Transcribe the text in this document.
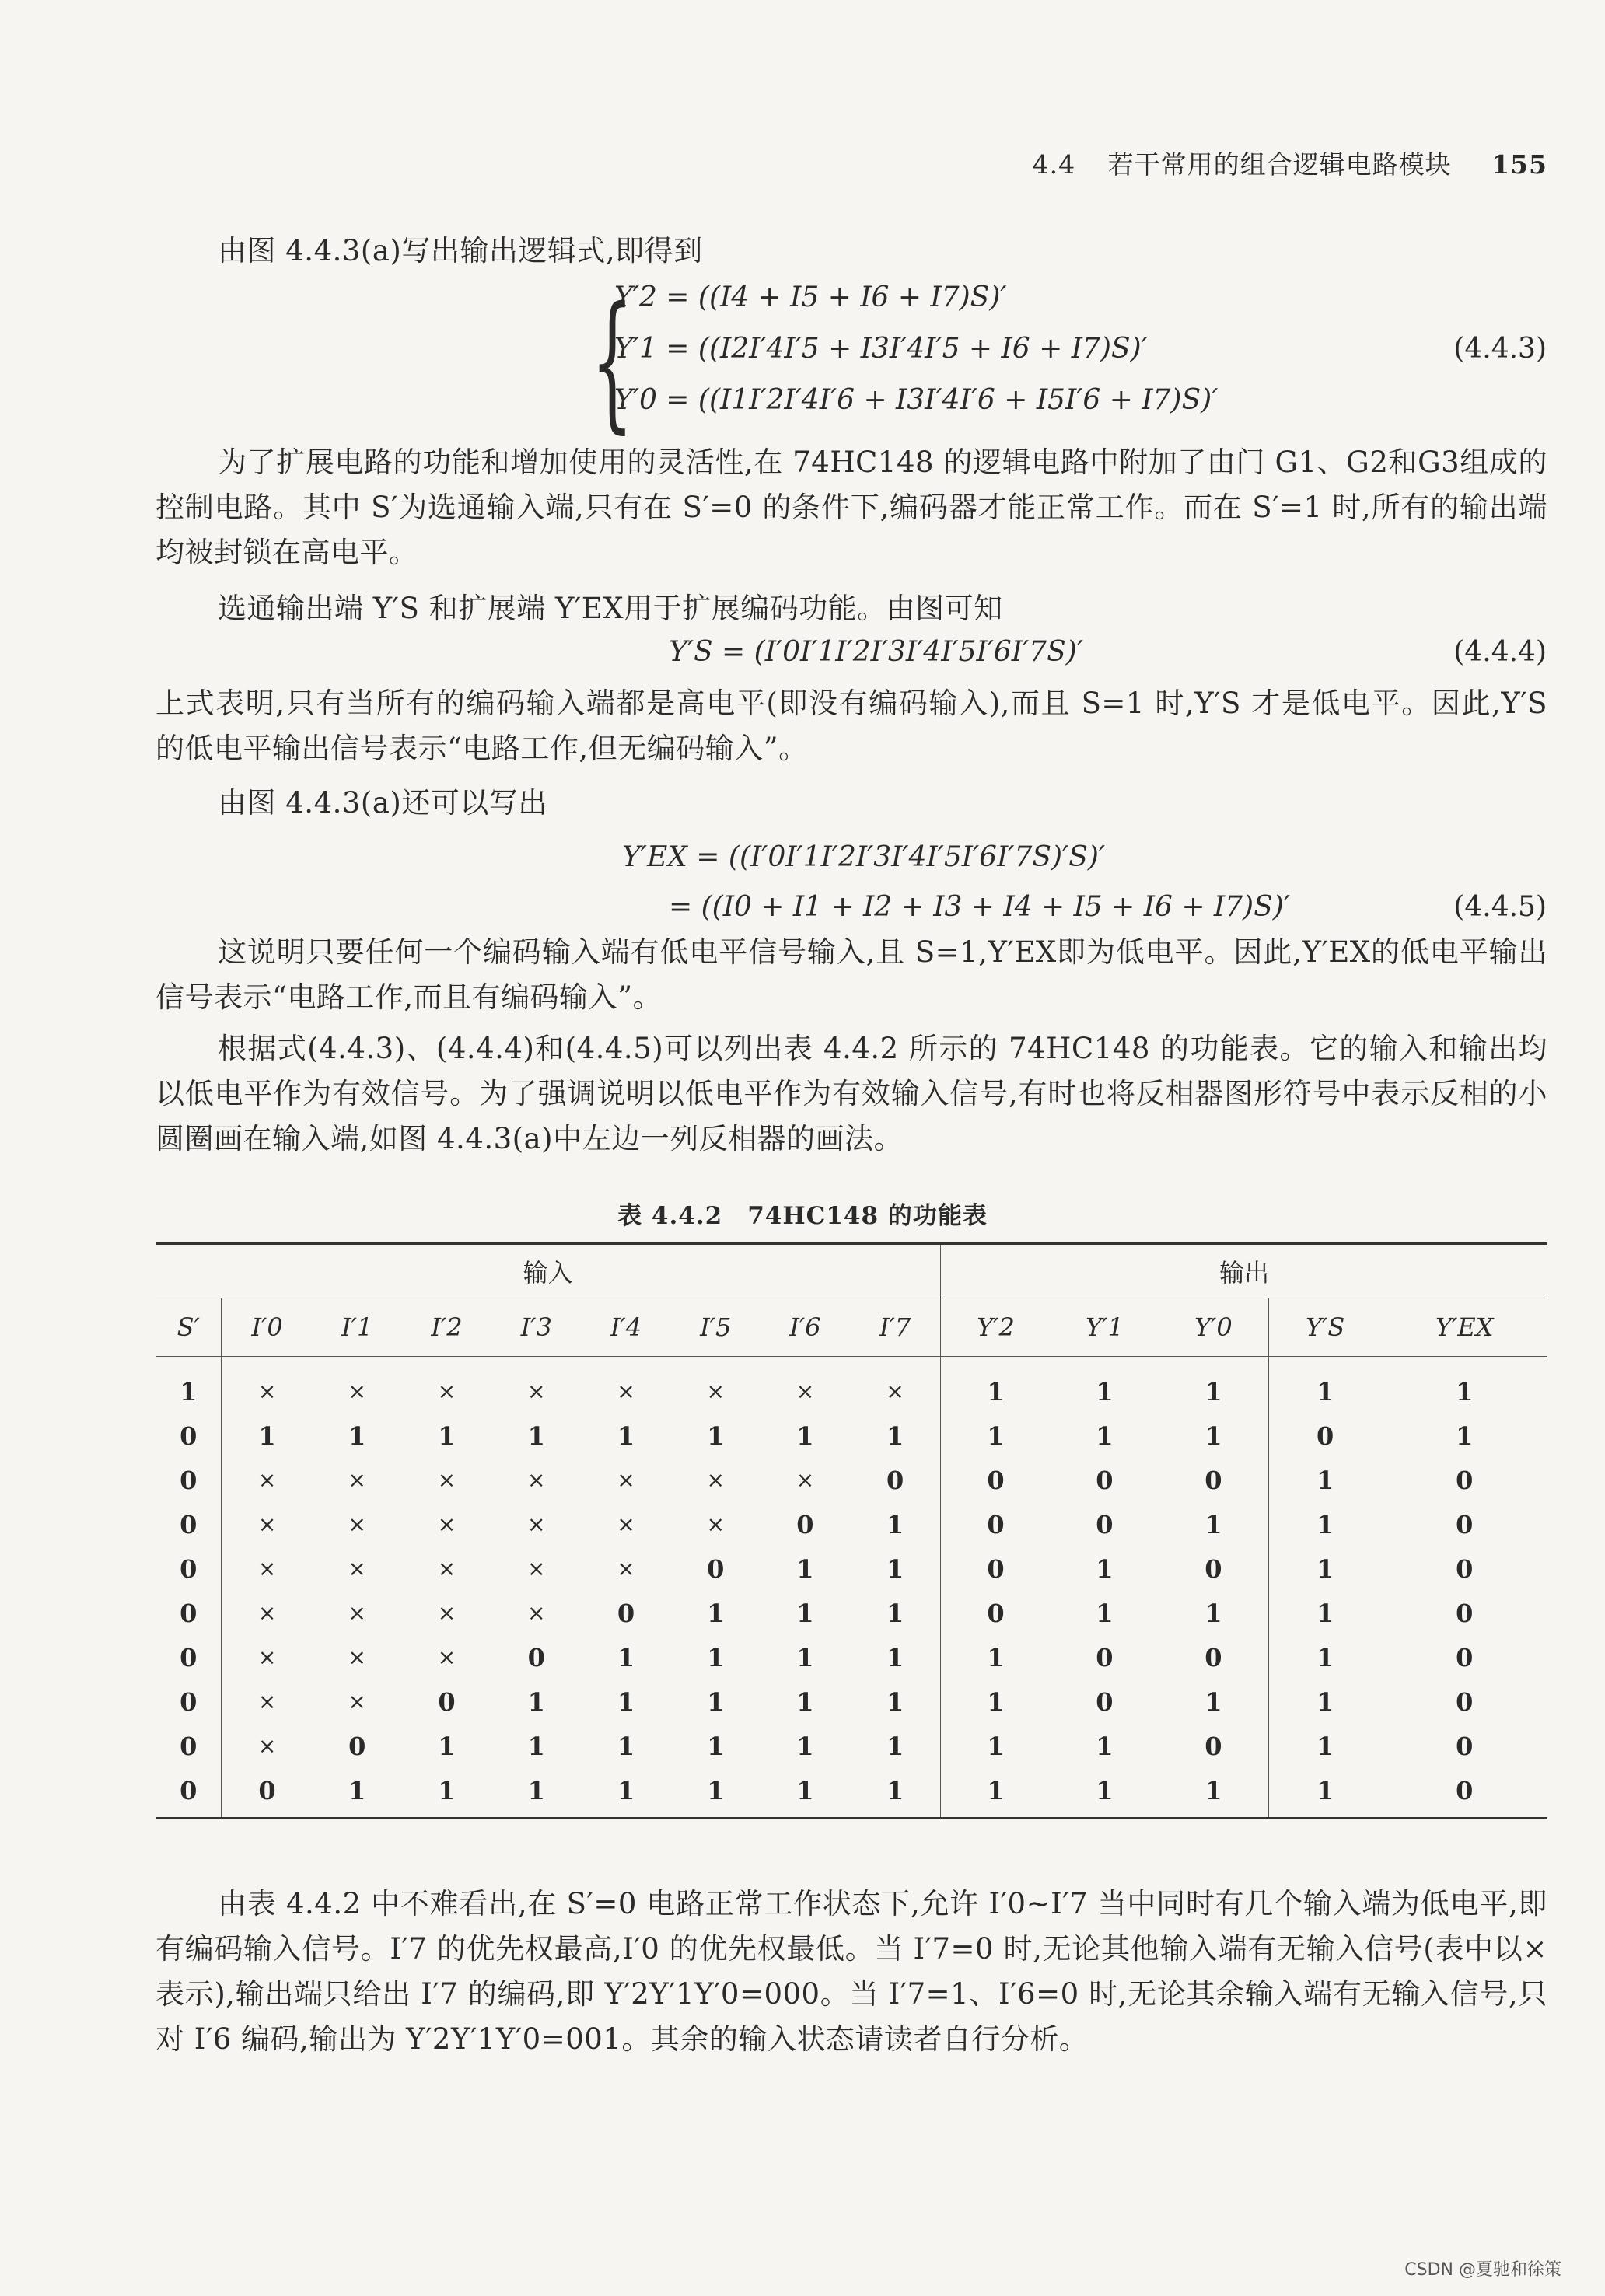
4.4 若干常用的组合逻辑电路模块 155
由图 4.4.3(a)写出输出逻辑式,即得到
{
Y′2 = ((I4 + I5 + I6 + I7)S)′
Y′1 = ((I2I′4I′5 + I3I′4I′5 + I6 + I7)S)′
Y′0 = ((I1I′2I′4I′6 + I3I′4I′6 + I5I′6 + I7)S)′
(4.4.3)
为了扩展电路的功能和增加使用的灵活性,在 74HC148 的逻辑电路中附加了由门 G1、G2和G3组成的控制电路。其中 S′为选通输入端,只有在 S′=0 的条件下,编码器才能正常工作。而在 S′=1 时,所有的输出端均被封锁在高电平。
选通输出端 Y′S 和扩展端 Y′EX用于扩展编码功能。由图可知
Y′S = (I′0I′1I′2I′3I′4I′5I′6I′7S)′	(4.4.4)
上式表明,只有当所有的编码输入端都是高电平(即没有编码输入),而且 S=1 时,Y′S 才是低电平。因此,Y′S 的低电平输出信号表示“电路工作,但无编码输入”。
由图 4.4.3(a)还可以写出
Y′EX = ((I′0I′1I′2I′3I′4I′5I′6I′7S)′S)′
= ((I0 + I1 + I2 + I3 + I4 + I5 + I6 + I7)S)′	(4.4.5)
这说明只要任何一个编码输入端有低电平信号输入,且 S=1,Y′EX即为低电平。因此,Y′EX的低电平输出信号表示“电路工作,而且有编码输入”。
根据式(4.4.3)、(4.4.4)和(4.4.5)可以列出表 4.4.2 所示的 74HC148 的功能表。它的输入和输出均以低电平作为有效信号。为了强调说明以低电平作为有效输入信号,有时也将反相器图形符号中表示反相的小圆圈画在输入端,如图 4.4.3(a)中左边一列反相器的画法。
表 4.4.2　74HC148 的功能表
输入									输出				
S′	I′0	I′1	I′2	I′3	I′4	I′5	I′6	I′7	Y′2	Y′1	Y′0	Y′S	Y′EX
1	×	×	×	×	×	×	×	×	1	1	1	1	1
0	1	1	1	1	1	1	1	1	1	1	1	0	1
0	×	×	×	×	×	×	×	0	0	0	0	1	0
0	×	×	×	×	×	×	0	1	0	0	1	1	0
0	×	×	×	×	×	0	1	1	0	1	0	1	0
0	×	×	×	×	0	1	1	1	0	1	1	1	0
0	×	×	×	0	1	1	1	1	1	0	0	1	0
0	×	×	0	1	1	1	1	1	1	0	1	1	0
0	×	0	1	1	1	1	1	1	1	1	0	1	0
0	0	1	1	1	1	1	1	1	1	1	1	1	0
由表 4.4.2 中不难看出,在 S′=0 电路正常工作状态下,允许 I′0~I′7 当中同时有几个输入端为低电平,即有编码输入信号。I′7 的优先权最高,I′0 的优先权最低。当 I′7=0 时,无论其他输入端有无输入信号(表中以×表示),输出端只给出 I′7 的编码,即 Y′2Y′1Y′0=000。当 I′7=1、I′6=0 时,无论其余输入端有无输入信号,只对 I′6 编码,输出为 Y′2Y′1Y′0=001。其余的输入状态请读者自行分析。
CSDN @夏驰和徐策
